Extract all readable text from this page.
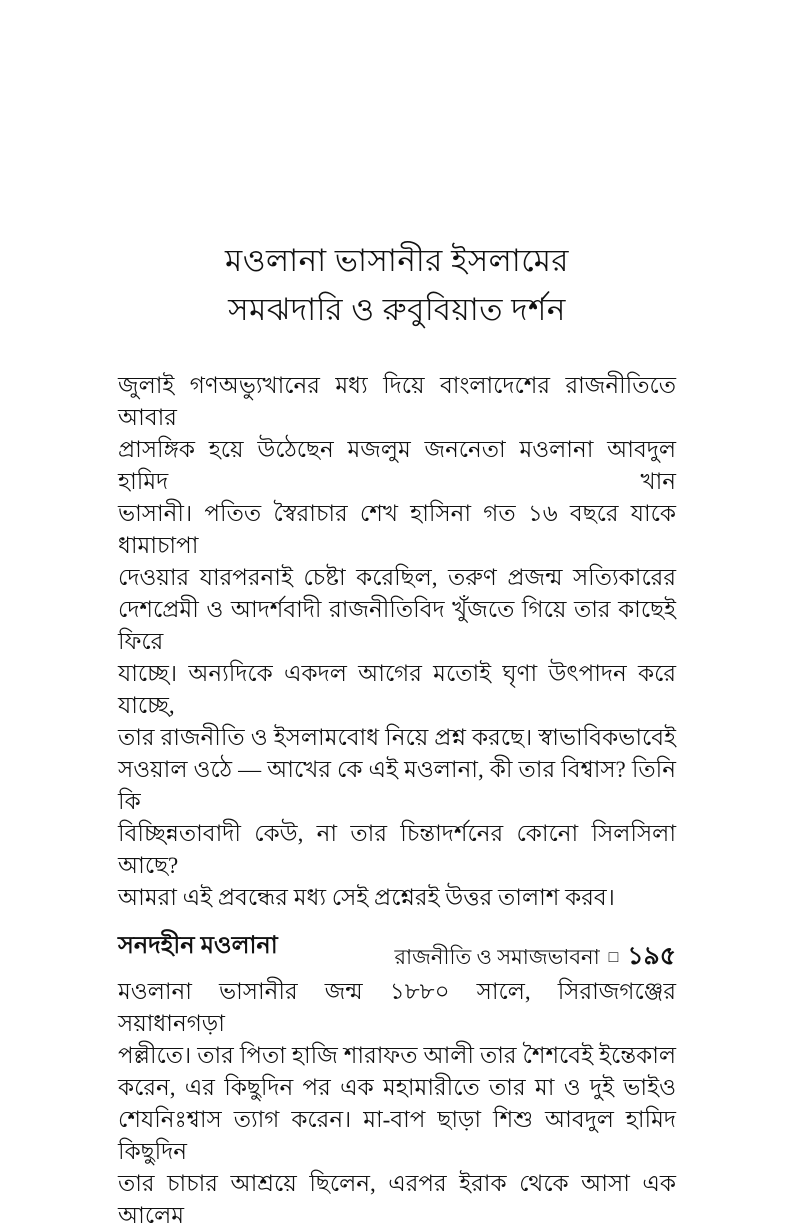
মওলানা ভাসানীর ইসলামের
সমঝদারি ও রুবুবিয়াত দর্শন
জুলাই গণঅভ্যুখানের মধ্য দিয়ে বাংলাদেশের রাজনীতিতে আবার
প্রাসঙ্গিক হয়ে উঠেছেন মজলুম জননেতা মওলানা আবদুল হামিদ খান
ভাসানী। পতিত স্বৈরাচার শেখ হাসিনা গত ১৬ বছরে যাকে ধামাচাপা
দেওয়ার যারপরনাই চেষ্টা করেছিল, তরুণ প্রজন্ম সত্যিকারের
দেশপ্রেমী ও আদর্শবাদী রাজনীতিবিদ খুঁজতে গিয়ে তার কাছেই ফিরে
যাচ্ছে। অন্যদিকে একদল আগের মতোই ঘৃণা উৎপাদন করে যাচ্ছে,
তার রাজনীতি ও ইসলামবোধ নিয়ে প্রশ্ন করছে। স্বাভাবিকভাবেই
সওয়াল ওঠে — আখের কে এই মওলানা, কী তার বিশ্বাস? তিনি কি
বিচ্ছিন্নতাবাদী কেউ, না তার চিন্তাদর্শনের কোনো সিলসিলা আছে?
আমরা এই প্রবন্ধের মধ্য সেই প্রশ্নেরই উত্তর তালাশ করব।
সনদহীন মওলানা
মওলানা ভাসানীর জন্ম ১৮৮০ সালে, সিরাজগঞ্জের সয়াধানগড়া
পল্লীতে। তার পিতা হাজি শারাফত আলী তার শৈশবেই ইন্তেকাল
করেন, এর কিছুদিন পর এক মহামারীতে তার মা ও দুই ভাইও
শেযনিঃশ্বাস ত্যাগ করেন। মা-বাপ ছাড়া শিশু আবদুল হামিদ কিছুদিন
তার চাচার আশ্রয়ে ছিলেন, এরপর ইরাক থেকে আসা এক আলেম
রাজনীতি ও সমাজভাবনা □ ১৯৫
